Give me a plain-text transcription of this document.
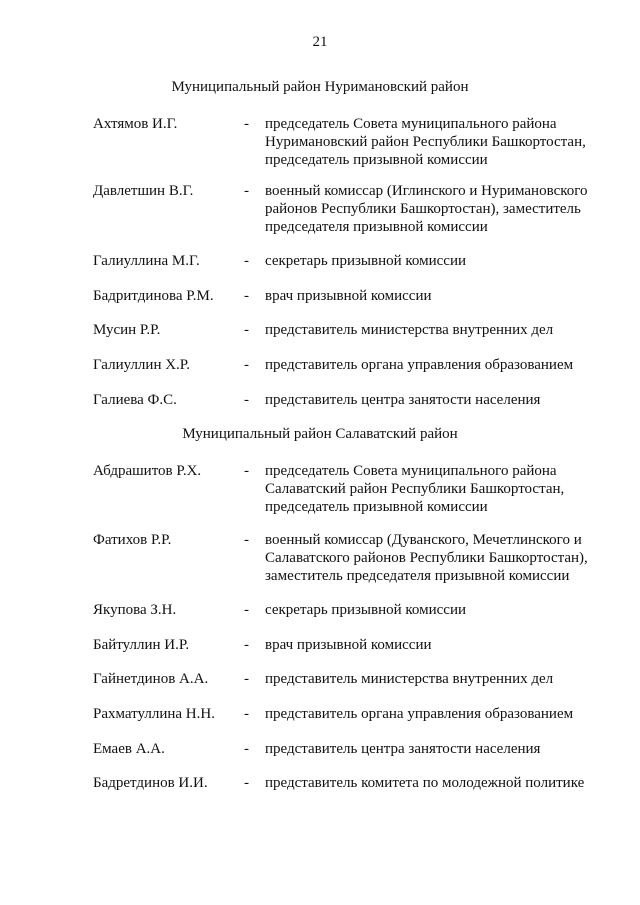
21
Муниципальный район Нуримановский район
Ахтямов И.Г.	- председатель Совета муниципального района
Нуримановский район Республики Башкортостан,
председатель призывной комиссии
Давлетшин В.Г.	- военный комиссар (Иглинского и Нуримановского
районов Республики Башкортостан), заместитель
председателя призывной комиссии
Галиуллина М.Г.	- секретарь призывной комиссии
Бадритдинова Р.М. - врач призывной комиссии
Мусин Р.Р.	- представитель министерства внутренних дел
Галиуллин Х.Р.	- представитель органа управления образованием
Галиева Ф.С.	- представитель центра занятости населения
Муниципальный район Салаватский район
Абдрашитов Р.Х.	- председатель Совета муниципального района
Салаватский район Республики Башкортостан,
председатель призывной комиссии
Фатихов Р.Р.	- военный комиссар (Дуванского, Мечетлинского и
Салаватского районов Республики Башкортостан),
заместитель председателя призывной комиссии
Якупова З.Н.	- секретарь призывной комиссии
Байтуллин И.Р.	- врач призывной комиссии
Гайнетдинов А.А. - представитель министерства внутренних дел
Рахматуллина Н.Н. - представитель органа управления образованием
Емаев А.А.	- представитель центра занятости населения
Бадретдинов И.И. - представитель комитета по молодежной политике
